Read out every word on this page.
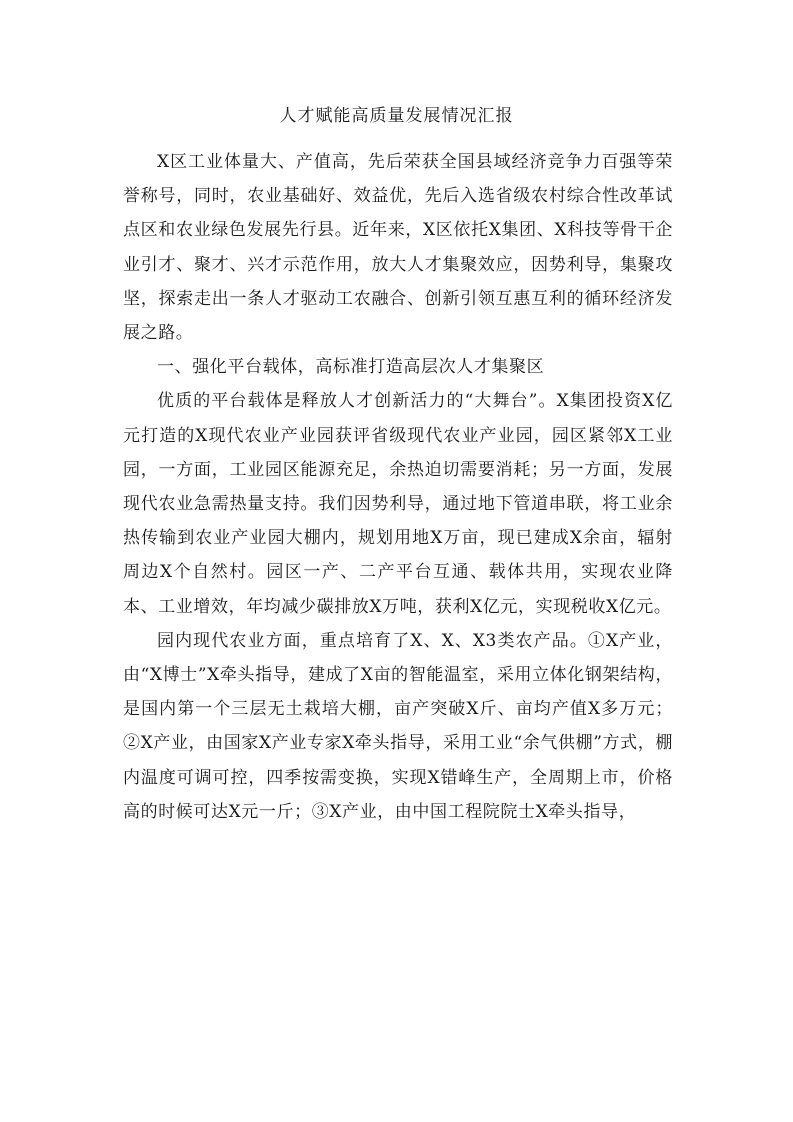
人才赋能高质量发展情况汇报

X区工业体量大、产值高，先后荣获全国县域经济竞争力百强等荣誉称号，同时，农业基础好、效益优，先后入选省级农村综合性改革试点区和农业绿色发展先行县。近年来，X区依托X集团、X科技等骨干企业引才、聚才、兴才示范作用，放大人才集聚效应，因势利导，集聚攻坚，探索走出一条人才驱动工农融合、创新引领互惠互利的循环经济发展之路。

一、强化平台载体，高标准打造高层次人才集聚区

优质的平台载体是释放人才创新活力的“大舞台”。X集团投资X亿元打造的X现代农业产业园获评省级现代农业产业园，园区紧邻X工业园，一方面，工业园区能源充足，余热迫切需要消耗；另一方面，发展现代农业急需热量支持。我们因势利导，通过地下管道串联，将工业余热传输到农业产业园大棚内，规划用地X万亩，现已建成X余亩，辐射周边X个自然村。园区一产、二产平台互通、载体共用，实现农业降本、工业增效，年均减少碳排放X万吨，获利X亿元，实现税收X亿元。

园内现代农业方面，重点培育了X、X、X3类农产品。①X产业，由“X博士”X牵头指导，建成了X亩的智能温室，采用立体化钢架结构，是国内第一个三层无土栽培大棚，亩产突破X斤、亩均产值X多万元；②X产业，由国家X产业专家X牵头指导，采用工业“余气供棚”方式，棚内温度可调可控，四季按需变换，实现X错峰生产，全周期上市，价格高的时候可达X元一斤；③X产业，由中国工程院院士X牵头指导，
